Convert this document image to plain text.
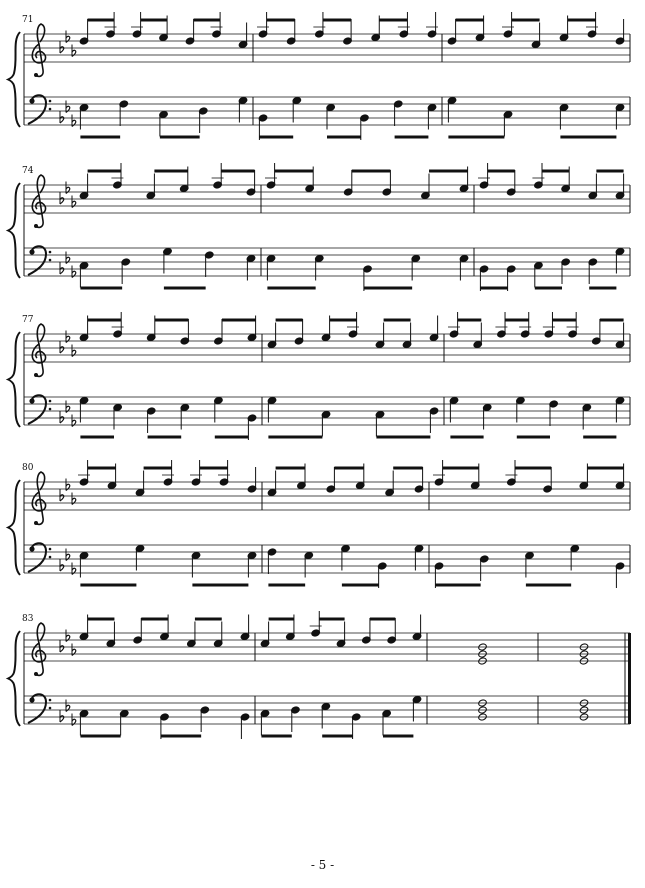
71
74
77
80
83
- 5 -
